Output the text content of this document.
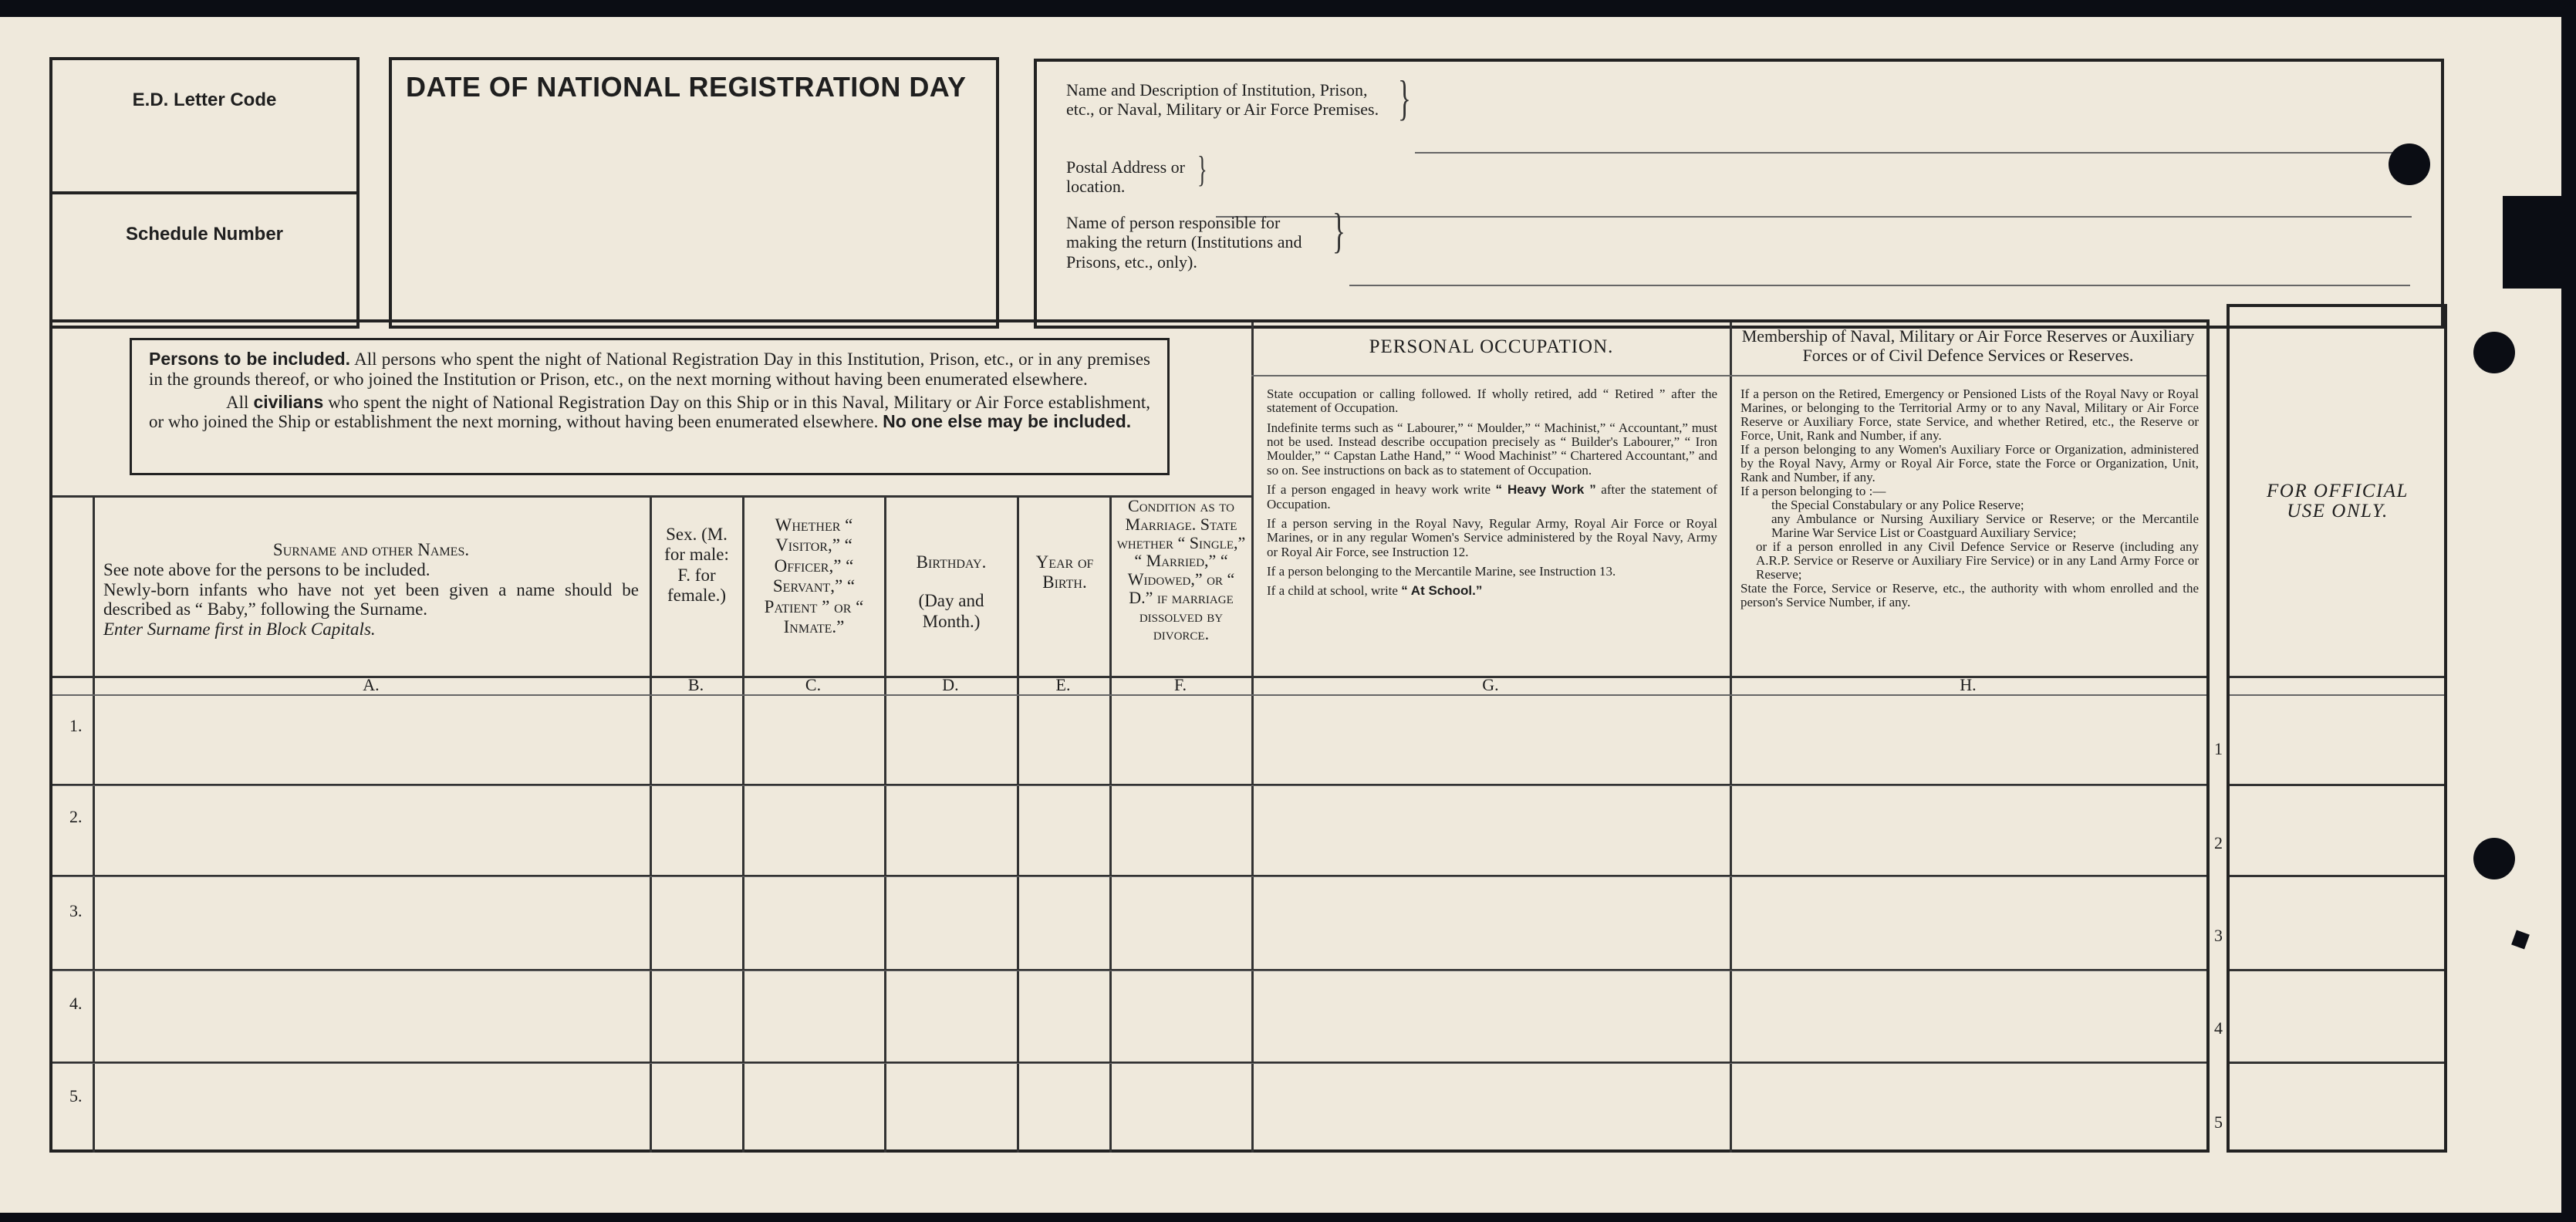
E.D. Letter Code
Schedule Number
DATE OF NATIONAL REGISTRATION DAY	Name and Description of Institution, Prison, etc., or Naval, Military or Air Force Premises. }
Postal Address or location.	}
Name of person responsible for making the return (Institutions and Prisons, etc., only).
}
Persons to be included. All persons who spent the night of National Registration Day in this Institution, Prison, etc., or in any premises in the grounds thereof, or who joined the Institution or Prison, etc., on the next morning without having been enumerated elsewhere.
All civilians who spent the night of National Registration Day on this Ship or in this Naval, Military or Air Force establishment, or who joined the Ship or establishment the next morning, without having been enumerated elsewhere. No one else may be included.
PERSONAL OCCUPATION.
Membership of Naval, Military or Air Force Reserves or Auxiliary Forces or of Civil Defence Services or Reserves.
State occupation or calling followed. If wholly retired, add “ Retired ” after the statement of Occupation.
Indefinite terms such as “ Labourer,” “ Moulder,” “ Machinist,” “ Accountant,” must not be used. Instead describe occupation precisely as “ Builder's Labourer,” “ Iron Moulder,” “ Capstan Lathe Hand,” “ Wood Machinist” “ Chartered Accountant,” and so on. See instructions on back as to statement of Occupation.
If a person engaged in heavy work write “ Heavy Work ” after the statement of Occupation.
If a person serving in the Royal Navy, Regular Army, Royal Air Force or Royal Marines, or in any regular Women's Service administered by the Royal Navy, Army or Royal Air Force, see Instruction 12.
If a person belonging to the Mercantile Marine, see Instruction 13.
If a child at school, write “ At School.”
If a person on the Retired, Emergency or Pensioned Lists of the Royal Navy or Royal Marines, or belonging to the Territorial Army or to any Naval, Military or Air Force Reserve or Auxiliary Force, state Service, and whether Retired, etc., the Reserve or Force, Unit, Rank and Number, if any.
If a person belonging to any Women's Auxiliary Force or Organization, administered by the Royal Navy, Army or Royal Air Force, state the Force or Organization, Unit, Rank and Number, if any.
If a person belonging to :—
the Special Constabulary or any Police Reserve;
any Ambulance or Nursing Auxiliary Service or Reserve; or the Mercantile Marine War Service List or Coastguard Auxiliary Service;
or if a person enrolled in any Civil Defence Service or Reserve (including any A.R.P. Service or Reserve or Auxiliary Fire Service) or in any Land Army Force or Reserve;
State the Force, Service or Reserve, etc., the authority with whom enrolled and the person's Service Number, if any.
Surname and other Names.
See note above for the persons to be included.
Newly-born infants who have not yet been given a name should be described as “ Baby,” following the Surname.
Enter Surname first in Block Capitals.
Sex. (M. for male: F. for female.)
Whether “ Visitor,” “ Officer,” “ Servant,” “ Patient ” or “ Inmate.”
Birthday.
(Day and Month.)
Year of Birth.
Condition as to Marriage. State whether “ Single,” “ Married,” “ Widowed,” or “ D.” if marriage dissolved by divorce.
A.	B.	C.	D.	E.	F.	G.	H.
1.
2.
3.
4.
5.
1
2
3
4
5
FOR OFFICIAL USE ONLY.
